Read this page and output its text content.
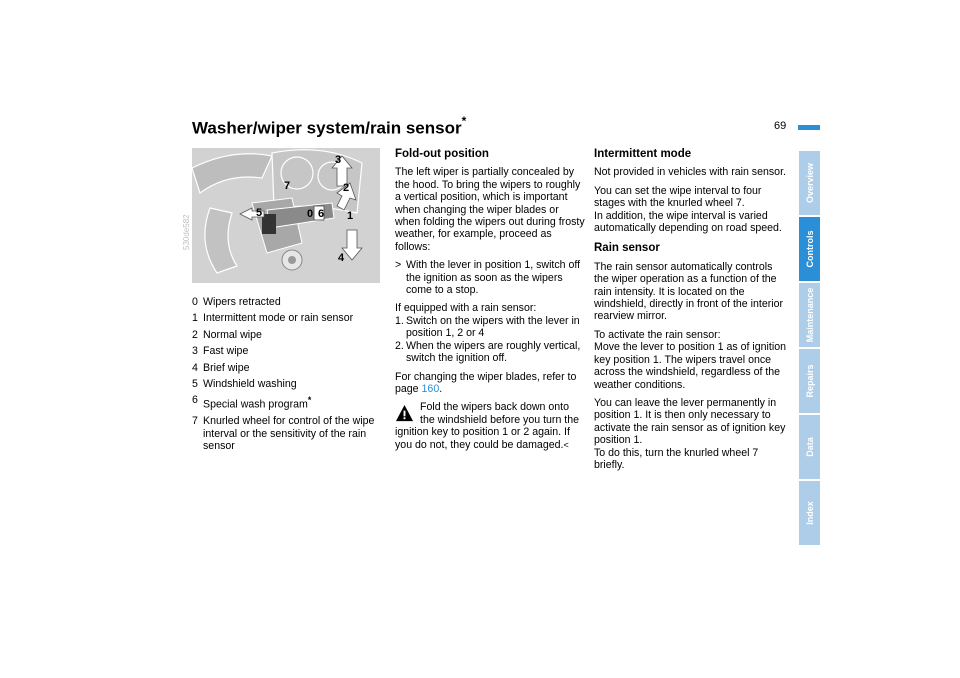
Washer/wiper system/rain sensor*	69
Overview
Controls
Maintenance
Repairs
Data
Index
3
2
7
5	0 6 1
4
530de582
0 Wipers retracted
1 Intermittent mode or rain sensor
2 Normal wipe
3 Fast wipe
4 Brief wipe
5 Windshield washing
6 Special wash program*
7 Knurled wheel for control of the wipe interval or the sensitivity of the rain sensor

Fold-out position

The left wiper is partially concealed by the hood. To bring the wipers to roughly a vertical position, which is important when changing the wiper blades or when folding the wipers out during frosty weather, for example, proceed as follows:

> With the lever in position 1, switch off the ignition as soon as the wipers come to a stop.

If equipped with a rain sensor:

1. Switch on the wipers with the lever in position 1, 2 or 4
2. When the wipers are roughly vertical, switch the ignition off.

For changing the wiper blades, refer to page 160.

Fold the wipers back down onto the windshield before you turn the ignition key to position 1 or 2 again. If you do not, they could be damaged.<

Intermittent mode

Not provided in vehicles with rain sensor.

You can set the wipe interval to four stages with the knurled wheel 7.

In addition, the wipe interval is varied automatically depending on road speed.

Rain sensor

The rain sensor automatically controls the wiper operation as a function of the rain intensity. It is located on the windshield, directly in front of the interior rearview mirror.

To activate the rain sensor:
Move the lever to position 1 as of ignition key position 1. The wipers travel once across the windshield, regardless of the weather conditions.

You can leave the lever permanently in position 1. It is then only necessary to activate the rain sensor as of ignition key position 1.
To do this, turn the knurled wheel 7 briefly.
